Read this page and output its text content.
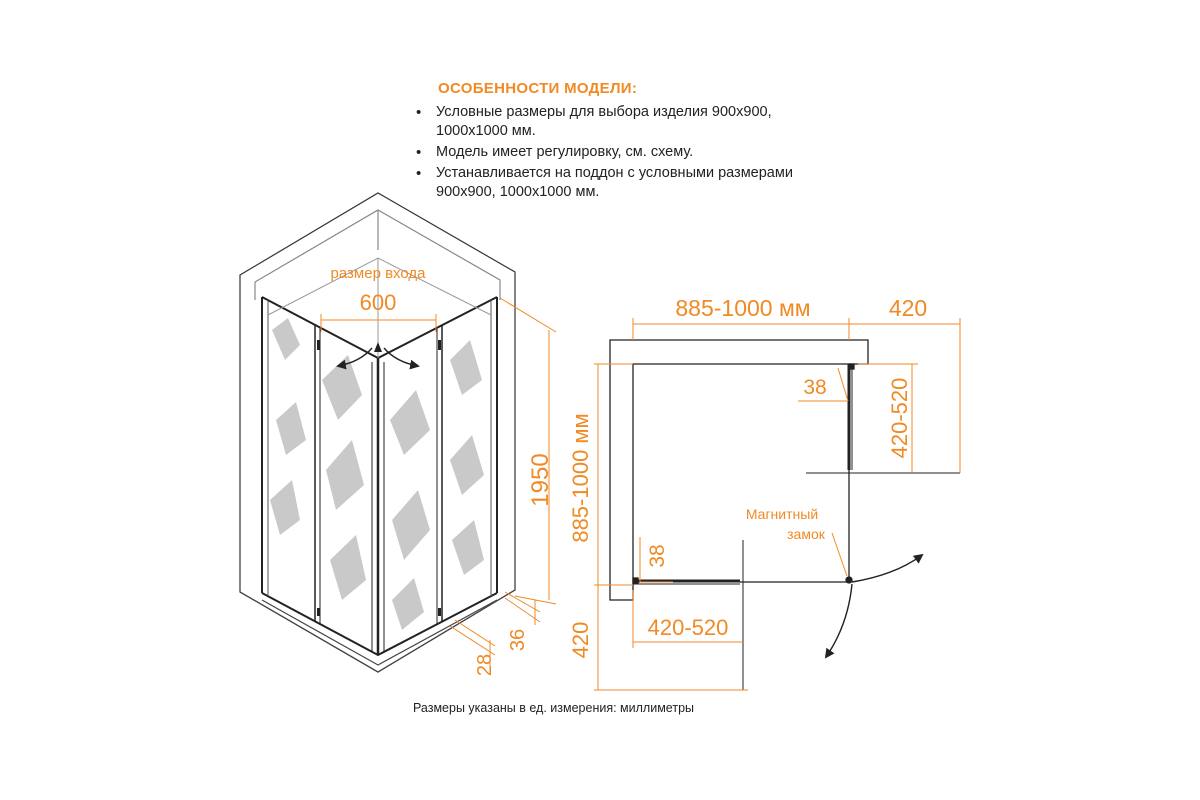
ОСОБЕННОСТИ МОДЕЛИ:
• Условные размеры для выбора изделия 900х900,
1000х1000 мм.
• Модель имеет регулировку, см. схему.
• Устанавливается на поддон с условными размерами
900х900, 1000х1000 мм.
размер входа
600
1950
36
28
885-1000 мм	420
38	420-520
885-1000 мм	Магнитный
замок
38
420-520
420
Размеры указаны в ед. измерения: миллиметры
